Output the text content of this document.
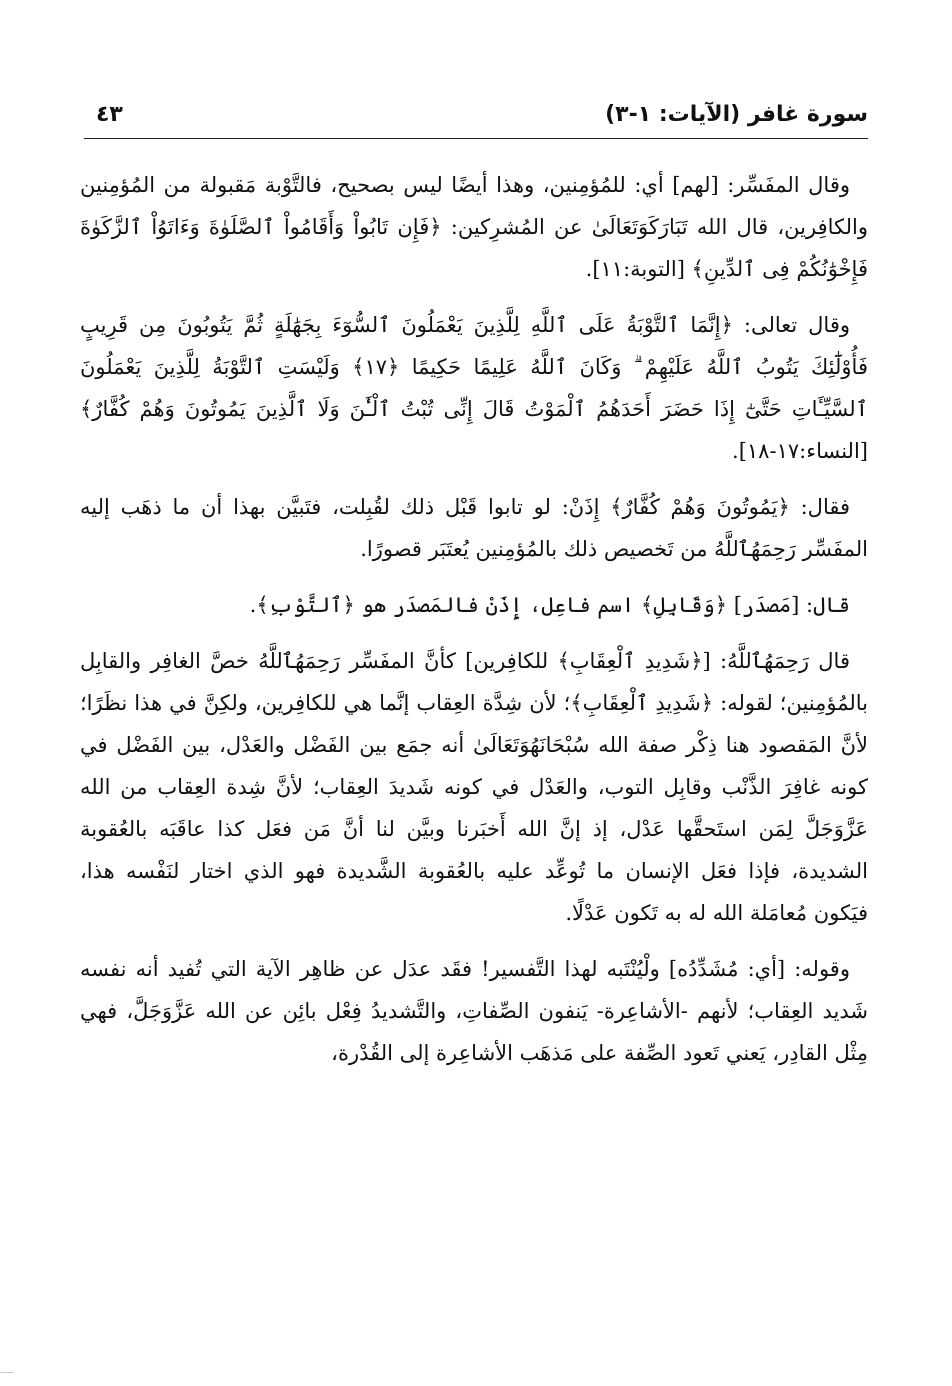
سورة غافر (الآيات: ١-٣)
٤٣

وقال المفَسِّر: [لهم] أي: للمُؤمِنين، وهذا أيضًا ليس بصحيح، فالتَّوْبة مَقبولة من المُؤمِنين والكافِرين، قال الله تَبَارَكَوَتَعَالَىٰ عن المُشرِكين: ﴿فَإِن تَابُواْ وَأَقَامُواْ ٱلصَّلَوٰةَ وَءَاتَوُاْ ٱلزَّكَوٰةَ فَإِخْوَٰنُكُمْ فِى ٱلدِّينِ﴾ [التوبة:١١].

وقال تعالى: ﴿إِنَّمَا ٱلتَّوْبَةُ عَلَى ٱللَّهِ لِلَّذِينَ يَعْمَلُونَ ٱلسُّوٓءَ بِجَهَٰلَةٍ ثُمَّ يَتُوبُونَ مِن قَرِيبٍ فَأُوْلَٰٓئِكَ يَتُوبُ ٱللَّهُ عَلَيْهِمْ ۗ وَكَانَ ٱللَّهُ عَلِيمًا حَكِيمًا ﴿١٧﴾ وَلَيْسَتِ ٱلتَّوْبَةُ لِلَّذِينَ يَعْمَلُونَ ٱلسَّيِّـَٔاتِ حَتَّىٰٓ إِذَا حَضَرَ أَحَدَهُمُ ٱلْمَوْتُ قَالَ إِنِّى تُبْتُ ٱلْـَٰٔنَ وَلَا ٱلَّذِينَ يَمُوتُونَ وَهُمْ كُفَّارٌ﴾ [النساء:١٧-١٨].

فقال: ﴿يَمُوتُونَ وَهُمْ كُفَّارٌ﴾ إِذَنْ: لو تابوا قَبْل ذلك لقُبِلت، فتَبيَّن بهذا أن ما ذهَب إليه المفَسِّر رَحِمَهُٱللَّهُ من تَخصيص ذلك بالمُؤمِنين يُعتَبَر قصورًا.

قال: [مَصدَر] ﴿وَقَابِلِ﴾ اسم فاعِل، إِذَنْ فالمَصدَر هو ﴿ٱلتَّوْبِ﴾.

قال رَحِمَهُٱللَّهُ: [﴿شَدِيدِ ٱلْعِقَابِ﴾ للكافِرين] كأنَّ المفَسِّر رَحِمَهُٱللَّهُ خصَّ الغافِر والقابِل بالمُؤمِنين؛ لقوله: ﴿شَدِيدِ ٱلْعِقَابِ﴾؛ لأن شِدَّة العِقاب إنَّما هي للكافِرين، ولكِنَّ في هذا نظَرًا؛ لأنَّ المَقصود هنا ذِكْر صفة الله سُبْحَانَهُوَتَعَالَىٰ أنه جمَع بين الفَضْل والعَدْل، بين الفَضْل في كونه غافِرَ الذَّنْب وقابِل التوب، والعَدْل في كونه شَديدَ العِقاب؛ لأنَّ شِدة العِقاب من الله عَزَّوَجَلَّ لِمَن استَحقَّها عَدْل، إذ إنَّ الله أَخبَرنا وبيَّن لنا أنَّ مَن فعَل كذا عاقَبَه بالعُقوبة الشديدة، فإذا فعَل الإنسان ما تُوعِّد عليه بالعُقوبة الشَّديدة فهو الذي اختار لنَفْسه هذا، فيَكون مُعامَلة الله له به تَكون عَدْلًا.

وقوله: [أي: مُشَدِّدُه] ولْيُنْتَبه لهذا التَّفسير! فقَد عدَل عن ظاهِر الآية التي تُفيد أنه نفسه شَديد العِقاب؛ لأنهم -الأشاعِرة- يَنفون الصِّفاتِ، والتَّشديدُ فِعْل بائِن عن الله عَزَّوَجَلَّ، فهي مِثْل القادِر، يَعني تَعود الصِّفة على مَذهَب الأشاعِرة إلى القُدْرة،
